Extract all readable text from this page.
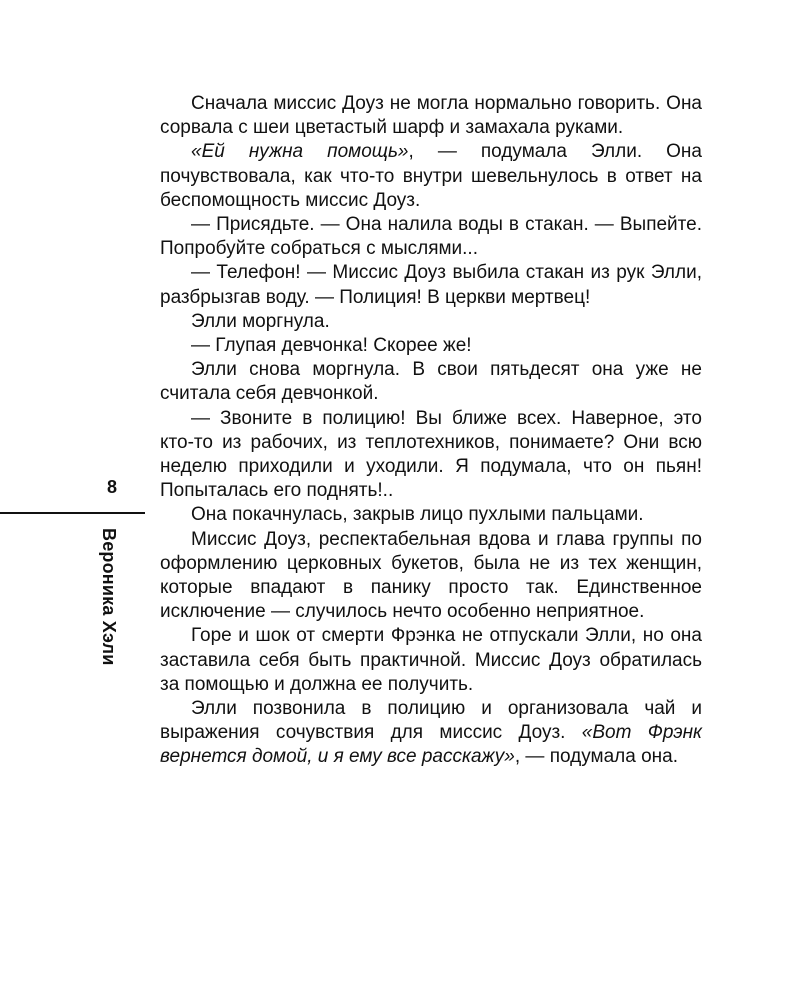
8
Вероника Хэли

Сначала миссис Доуз не могла нормально говорить. Она сорвала с шеи цветастый шарф и замахала руками.

«Ей нужна помощь», — подумала Элли. Она почувствовала, как что-то внутри шевельнулось в ответ на беспомощность миссис Доуз.

— Присядьте. — Она налила воды в стакан. — Выпейте. Попробуйте собраться с мыслями...

— Телефон! — Миссис Доуз выбила стакан из рук Элли, разбрызгав воду. — Полиция! В церкви мертвец!

Элли моргнула.

— Глупая девчонка! Скорее же!

Элли снова моргнула. В свои пятьдесят она уже не считала себя девчонкой.

— Звоните в полицию! Вы ближе всех. Наверное, это кто-то из рабочих, из теплотехников, понимаете? Они всю неделю приходили и уходили. Я подумала, что он пьян! Попыталась его поднять!..

Она покачнулась, закрыв лицо пухлыми пальцами.

Миссис Доуз, респектабельная вдова и глава группы по оформлению церковных букетов, была не из тех женщин, которые впадают в панику просто так. Единственное исключение — случилось нечто особенно неприятное.

Горе и шок от смерти Фрэнка не отпускали Элли, но она заставила себя быть практичной. Миссис Доуз обратилась за помощью и должна ее получить.

Элли позвонила в полицию и организовала чай и выражения сочувствия для миссис Доуз. «Вот Фрэнк вернется домой, и я ему все расскажу», — подумала она.
